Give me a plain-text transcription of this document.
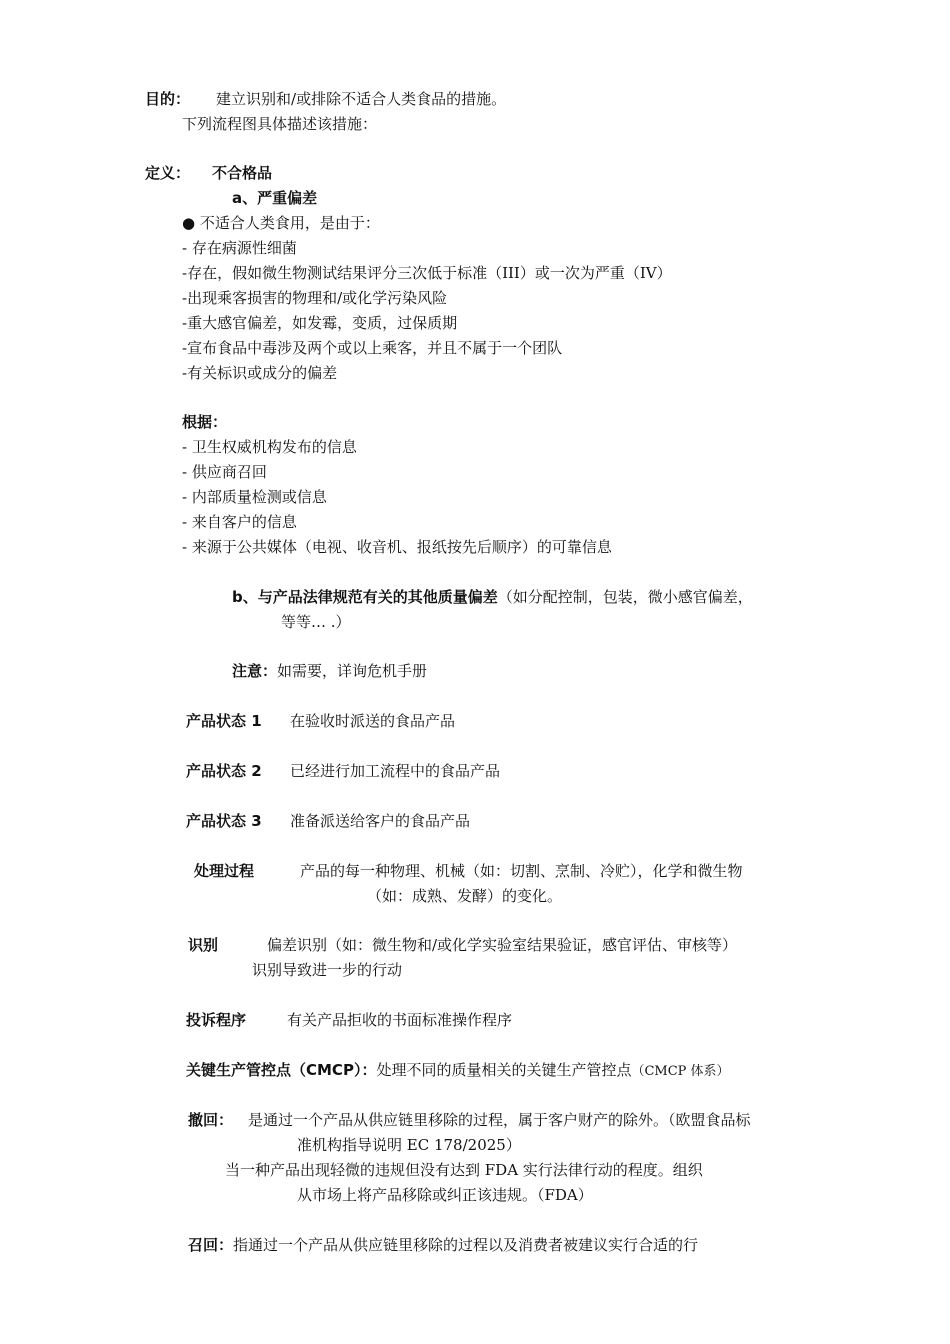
目的： 建立识别和/或排除不适合人类食品的措施。
下列流程图具体描述该措施：
定义： 不合格品
a、严重偏差
● 不适合人类食用，是由于：
- 存在病源性细菌
-存在，假如微生物测试结果评分三次低于标准（III）或一次为严重（IV）
-出现乘客损害的物理和/或化学污染风险
-重大感官偏差，如发霉，变质，过保质期
-宣布食品中毒涉及两个或以上乘客，并且不属于一个团队
-有关标识或成分的偏差
根据：
- 卫生权威机构发布的信息
- 供应商召回
- 内部质量检测或信息
- 来自客户的信息
- 来源于公共媒体（电视、收音机、报纸按先后顺序）的可靠信息
b、与产品法律规范有关的其他质量偏差（如分配控制，包装，微小感官偏差，
等等… .）
注意：如需要，详询危机手册
产品状态 1 在验收时派送的食品产品
产品状态 2 已经进行加工流程中的食品产品
产品状态 3 准备派送给客户的食品产品
处理过程	产品的每一种物理、机械（如：切割、烹制、冷贮），化学和微生物
（如：成熟、发酵）的变化。
识别	偏差识别（如：微生物和/或化学实验室结果验证，感官评估、审核等）
识别导致进一步的行动
投诉程序	有关产品拒收的书面标准操作程序
关键生产管控点（CMCP）：处理不同的质量相关的关键生产管控点（CMCP 体系）
撤回： 是通过一个产品从供应链里移除的过程，属于客户财产的除外。（欧盟食品标
准机构指导说明 EC 178/2025）
当一种产品出现轻微的违规但没有达到 FDA 实行法律行动的程度。组织
从市场上将产品移除或纠正该违规。（FDA）
召回：指通过一个产品从供应链里移除的过程以及消费者被建议实行合适的行
